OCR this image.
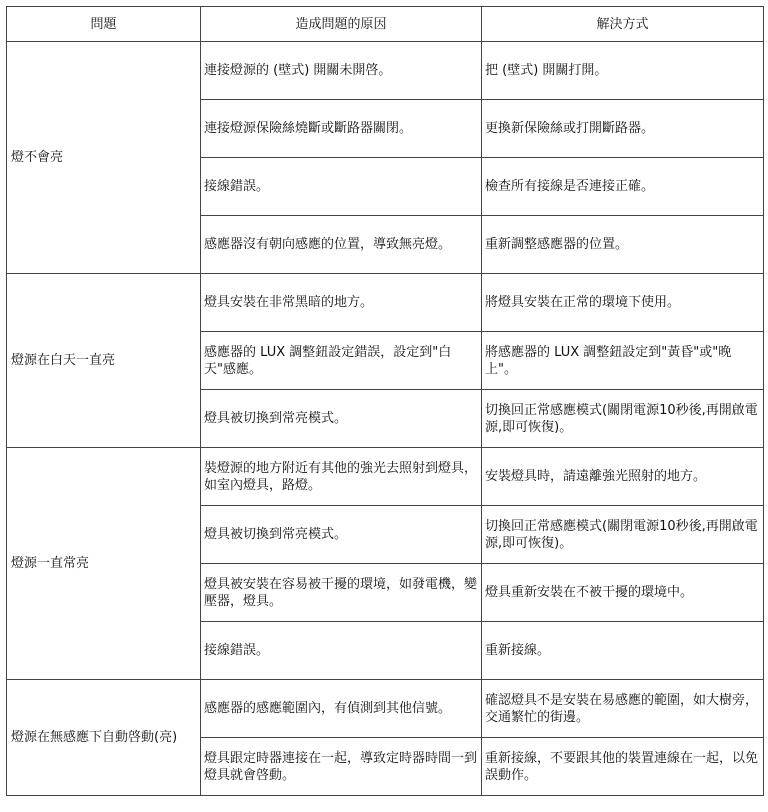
問題	造成問題的原因	解決方式
燈不會亮	連接燈源的 (壁式) 開關未開啓。	把 (壁式) 開關打開。
	連接燈源保險絲燒斷或斷路器關閉。	更換新保險絲或打開斷路器。
	接線錯誤。	檢查所有接線是否連接正確。
	感應器沒有朝向感應的位置，導致無亮燈。	重新調整感應器的位置。
燈源在白天一直亮	燈具安裝在非常黑暗的地方。	將燈具安裝在正常的環境下使用。
	感應器的 LUX 調整鈕設定錯誤，設定到"白天"感應。	將感應器的 LUX 調整鈕設定到"黃昏"或"晚上"。
	燈具被切換到常亮模式。	切換回正常感應模式(關閉電源10秒後,再開啟電源,即可恢復)。
燈源一直常亮	裝燈源的地方附近有其他的強光去照射到燈具，如室內燈具，路燈。	安裝燈具時，請遠離強光照射的地方。
	燈具被切換到常亮模式。	切換回正常感應模式(關閉電源10秒後,再開啟電源,即可恢復)。
	燈具被安裝在容易被干擾的環境，如發電機，變壓器，燈具。	燈具重新安裝在不被干擾的環境中。
	接線錯誤。	重新接線。
燈源在無感應下自動啓動(亮)	感應器的感應範圍內，有偵測到其他信號。	確認燈具不是安裝在易感應的範圍，如大樹旁，交通繁忙的街邊。
	燈具跟定時器連接在一起，導致定時器時間一到燈具就會啓動。	重新接線，不要跟其他的裝置連線在一起，以免誤動作。
